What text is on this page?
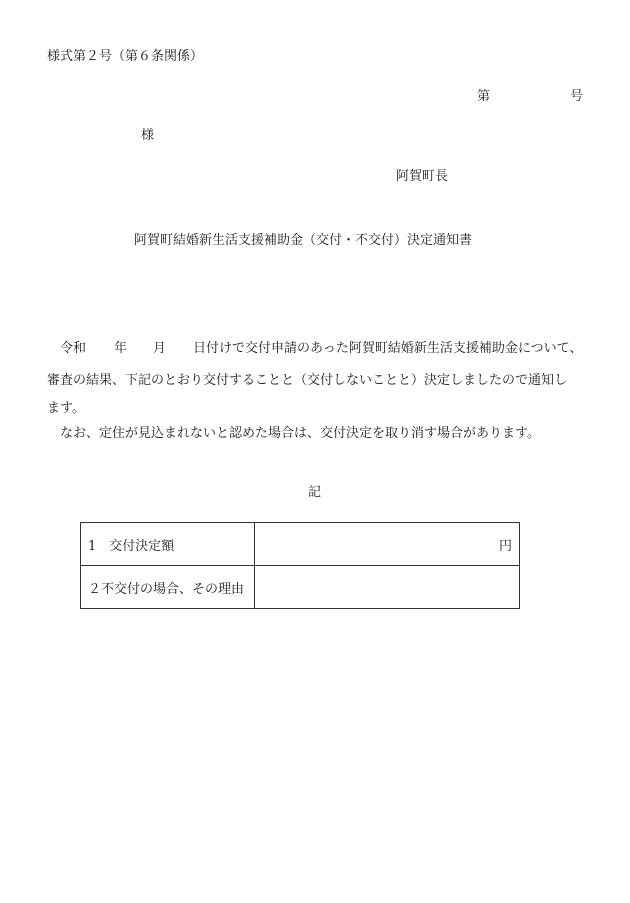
様式第２号（第６条関係）
第	号
様
阿賀町長
阿賀町結婚新生活支援補助金（交付・不交付）決定通知書
令和 年 月 日付けで交付申請のあった阿賀町結婚新生活支援補助金について、
審査の結果、下記のとおり交付することと（交付しないことと）決定しましたので通知し
ます。
なお、定住が見込まれないと認めた場合は、交付決定を取り消す場合があります。
記
1　交付決定額	円
２不交付の場合、その理由	
